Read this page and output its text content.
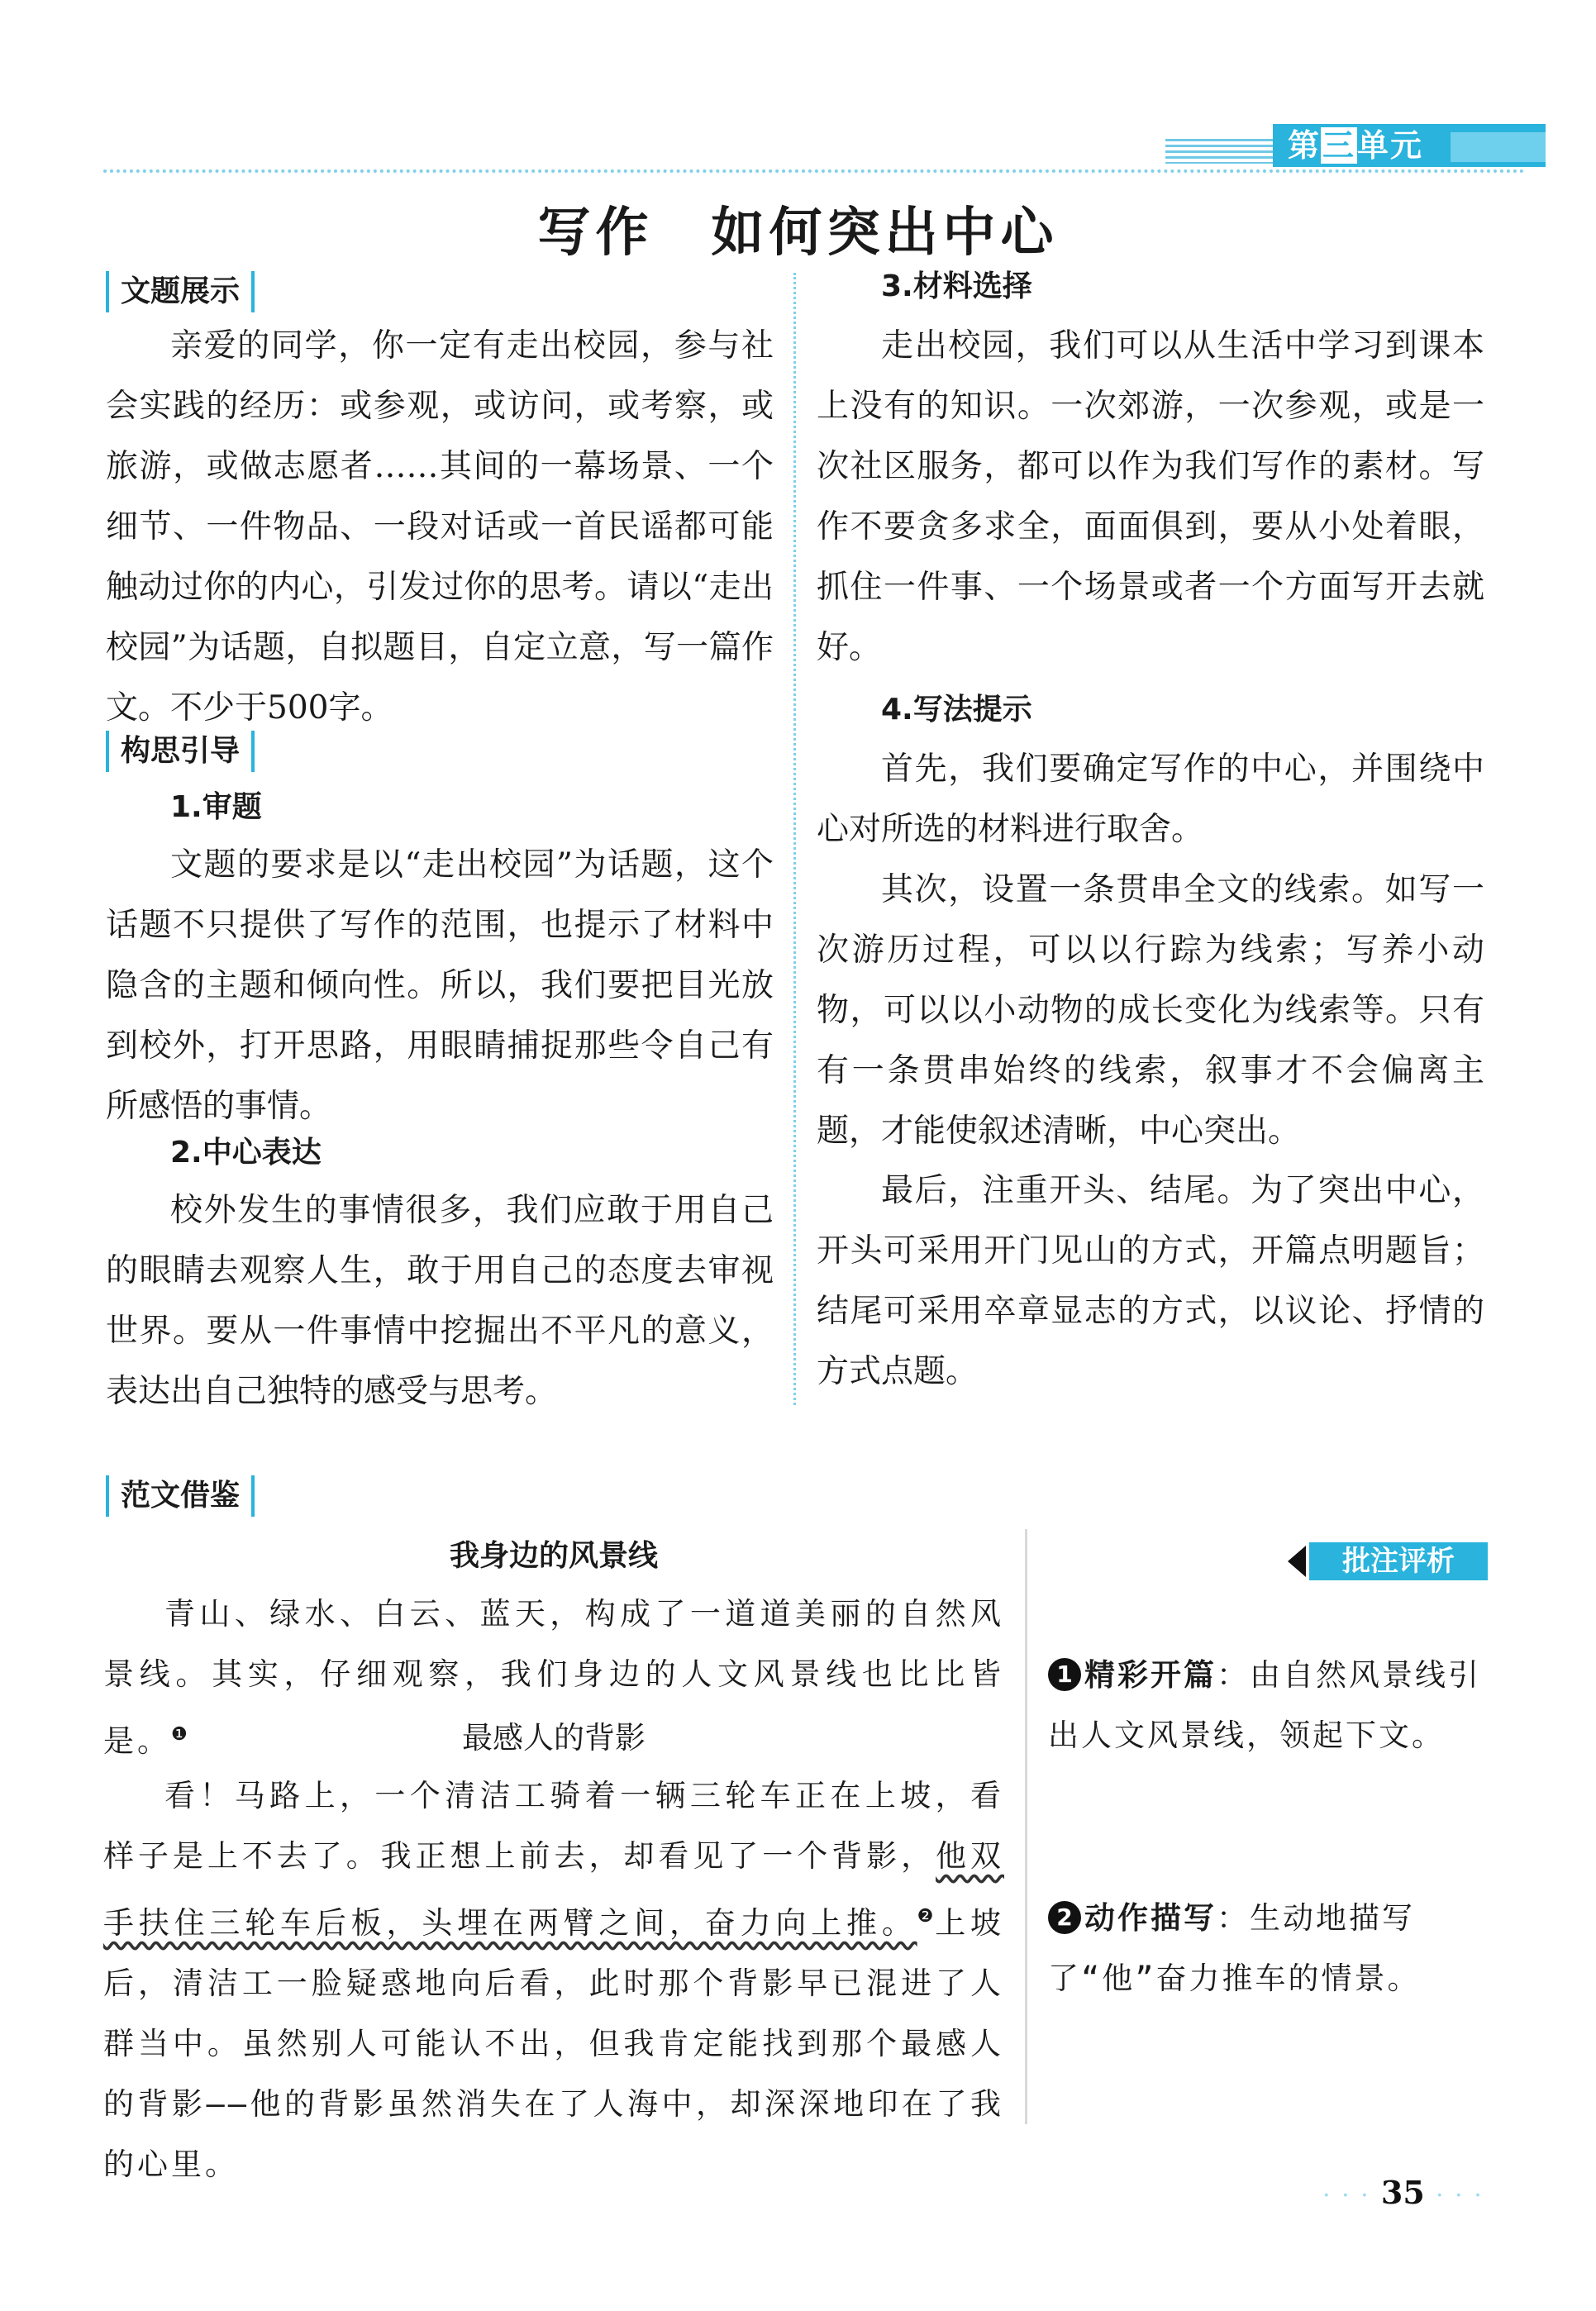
第三单元
写作　如何突出中心
文题展示

亲爱的同学，你一定有走出校园，参与社会实践的经历：或参观，或访问，或考察，或旅游，或做志愿者……其间的一幕场景、一个细节、一件物品、一段对话或一首民谣都可能触动过你的内心，引发过你的思考。请以“走出校园”为话题，自拟题目，自定立意，写一篇作文。不少于500字。

构思引导
1.审题

文题的要求是以“走出校园”为话题，这个话题不只提供了写作的范围，也提示了材料中隐含的主题和倾向性。所以，我们要把目光放到校外，打开思路，用眼睛捕捉那些令自己有所感悟的事情。

2.中心表达

校外发生的事情很多，我们应敢于用自己的眼睛去观察人生，敢于用自己的态度去审视世界。要从一件事情中挖掘出不平凡的意义，表达出自己独特的感受与思考。

3.材料选择

走出校园，我们可以从生活中学习到课本上没有的知识。一次郊游，一次参观，或是一次社区服务，都可以作为我们写作的素材。写作不要贪多求全，面面俱到，要从小处着眼，抓住一件事、一个场景或者一个方面写开去就好。

4.写法提示

首先，我们要确定写作的中心，并围绕中心对所选的材料进行取舍。

其次，设置一条贯串全文的线索。如写一次游历过程，可以以行踪为线索；写养小动物，可以以小动物的成长变化为线索等。只有有一条贯串始终的线索，叙事才不会偏离主题，才能使叙述清晰，中心突出。

最后，注重开头、结尾。为了突出中心，开头可采用开门见山的方式，开篇点明题旨；结尾可采用卒章显志的方式，以议论、抒情的方式点题。

范文借鉴
我身边的风景线

青山、绿水、白云、蓝天，构成了一道道美丽的自然风景线。其实，仔细观察，我们身边的人文风景线也比比皆是。$^❶$	最感人的背影

看！马路上，一个清洁工骑着一辆三轮车正在上坡，看样子是上不去了。我正想上前去，却看见了一个背影，他双手扶住三轮车后板，头埋在两臂之间，奋力向上推。$^❷$上坡后，清洁工一脸疑惑地向后看，此时那个背影早已混进了人群当中。虽然别人可能认不出，但我肯定能找到那个最感人的背影——他的背影虽然消失在了人海中，却深深地印在了我的心里。

批注评析

1 精彩开篇：由自然风景线引出人文风景线，领起下文。

2 动作描写：生动地描写了“他”奋力推车的情景。

· · · 35 · · ·
